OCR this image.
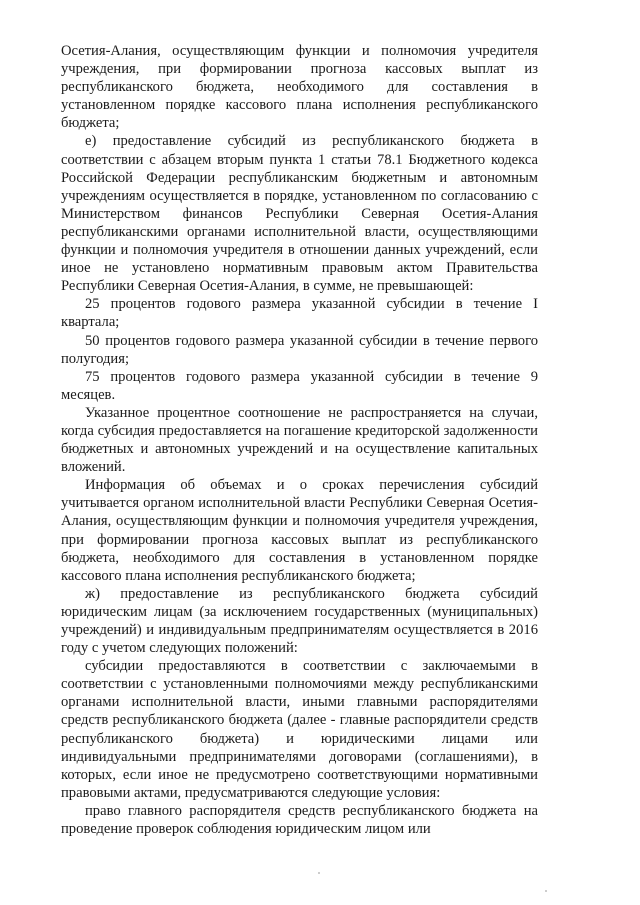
Осетия-Алания, осуществляющим функции и полномочия учредителя учреждения, при формировании прогноза кассовых выплат из республиканского бюджета, необходимого для составления в установленном порядке кассового плана исполнения республиканского бюджета;

е) предоставление субсидий из республиканского бюджета в соответствии с абзацем вторым пункта 1 статьи 78.1 Бюджетного кодекса Российской Федерации республиканским бюджетным и автономным учреждениям осуществляется в порядке, установленном по согласованию с Министерством финансов Республики Северная Осетия-Алания республиканскими органами исполнительной власти, осуществляющими функции и полномочия учредителя в отношении данных учреждений, если иное не установлено нормативным правовым актом Правительства Республики Северная Осетия-Алания, в сумме, не превышающей:

25 процентов годового размера указанной субсидии в течение I квартала;

50 процентов годового размера указанной субсидии в течение первого полугодия;

75 процентов годового размера указанной субсидии в течение 9 месяцев.

Указанное процентное соотношение не распространяется на случаи, когда субсидия предоставляется на погашение кредиторской задолженности бюджетных и автономных учреждений и на осуществление капитальных вложений.

Информация об объемах и о сроках перечисления субсидий учитывается органом исполнительной власти Республики Северная Осетия-Алания, осуществляющим функции и полномочия учредителя учреждения, при формировании прогноза кассовых выплат из республиканского бюджета, необходимого для составления в установленном порядке кассового плана исполнения республиканского бюджета;

ж) предоставление из республиканского бюджета субсидий юридическим лицам (за исключением государственных (муниципальных) учреждений) и индивидуальным предпринимателям осуществляется в 2016 году с учетом следующих положений:

субсидии предоставляются в соответствии с заключаемыми в соответствии с установленными полномочиями между республиканскими органами исполнительной власти, иными главными распорядителями средств республиканского бюджета (далее - главные распорядители средств республиканского бюджета) и юридическими лицами или индивидуальными предпринимателями договорами (соглашениями), в которых, если иное не предусмотрено соответствующими нормативными правовыми актами, предусматриваются следующие условия:

право главного распорядителя средств республиканского бюджета на проведение проверок соблюдения юридическим лицом или
